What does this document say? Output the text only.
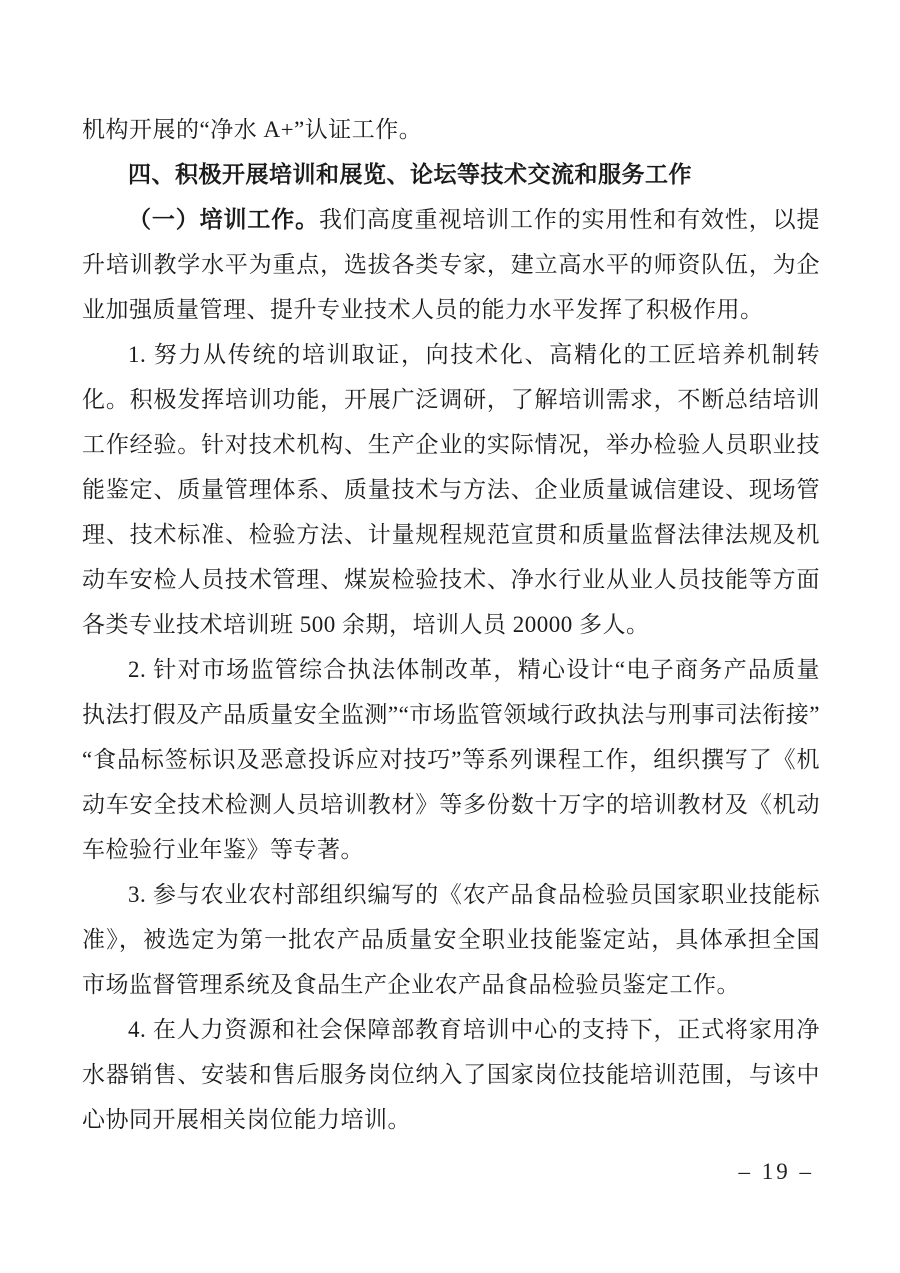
机构开展的“净水 A+”认证工作。

四、积极开展培训和展览、论坛等技术交流和服务工作

（一）培训工作。我们高度重视培训工作的实用性和有效性，以提升培训教学水平为重点，选拔各类专家，建立高水平的师资队伍，为企业加强质量管理、提升专业技术人员的能力水平发挥了积极作用。

1. 努力从传统的培训取证，向技术化、高精化的工匠培养机制转化。积极发挥培训功能，开展广泛调研，了解培训需求，不断总结培训工作经验。针对技术机构、生产企业的实际情况，举办检验人员职业技能鉴定、质量管理体系、质量技术与方法、企业质量诚信建设、现场管理、技术标准、检验方法、计量规程规范宣贯和质量监督法律法规及机动车安检人员技术管理、煤炭检验技术、净水行业从业人员技能等方面各类专业技术培训班 500 余期，培训人员 20000 多人。

2. 针对市场监管综合执法体制改革，精心设计“电子商务产品质量执法打假及产品质量安全监测”“市场监管领域行政执法与刑事司法衔接”“食品标签标识及恶意投诉应对技巧”等系列课程工作，组织撰写了《机动车安全技术检测人员培训教材》等多份数十万字的培训教材及《机动车检验行业年鉴》等专著。

3. 参与农业农村部组织编写的《农产品食品检验员国家职业技能标准》，被选定为第一批农产品质量安全职业技能鉴定站，具体承担全国市场监督管理系统及食品生产企业农产品食品检验员鉴定工作。

4. 在人力资源和社会保障部教育培训中心的支持下，正式将家用净水器销售、安装和售后服务岗位纳入了国家岗位技能培训范围，与该中心协同开展相关岗位能力培训。

– 19 –
